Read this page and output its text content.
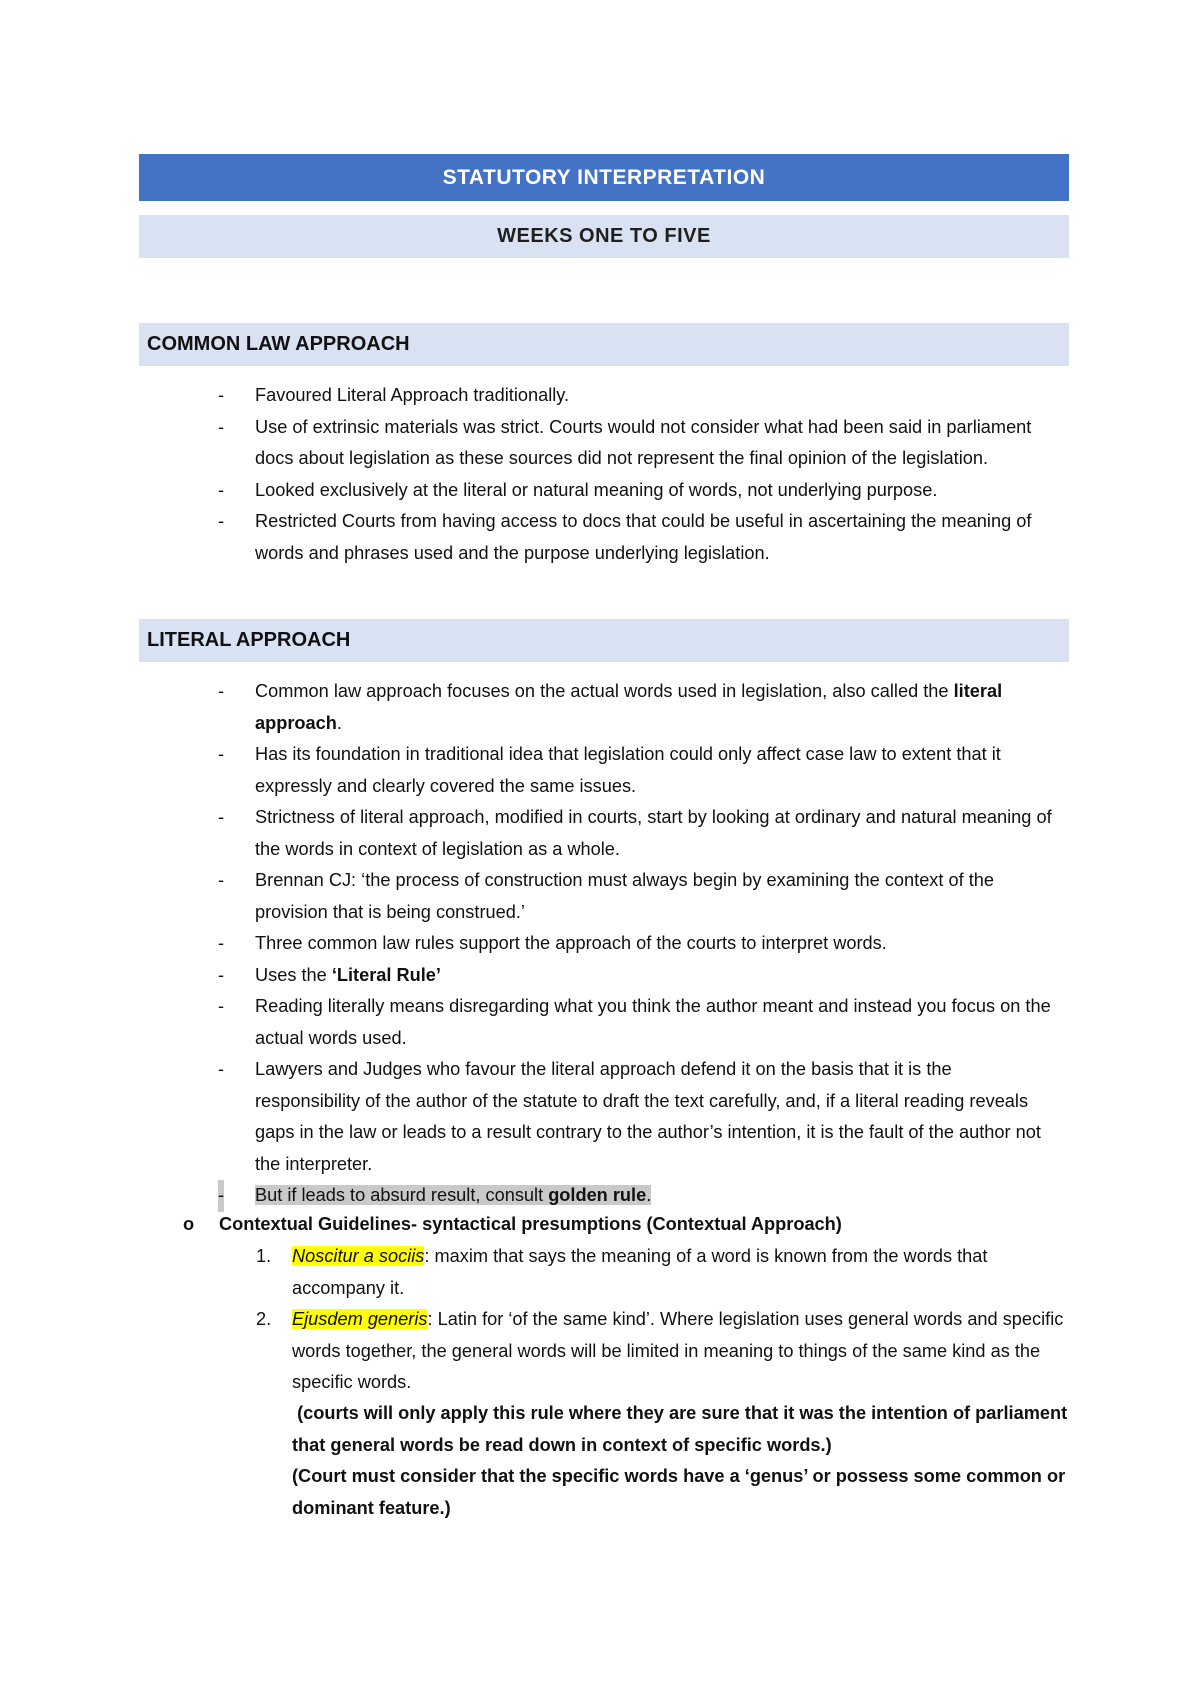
STATUTORY INTERPRETATION
WEEKS ONE TO FIVE
COMMON LAW APPROACH
- Favoured Literal Approach traditionally.
- Use of extrinsic materials was strict. Courts would not consider what had been said in parliament docs about legislation as these sources did not represent the final opinion of the legislation.
- Looked exclusively at the literal or natural meaning of words, not underlying purpose.
- Restricted Courts from having access to docs that could be useful in ascertaining the meaning of words and phrases used and the purpose underlying legislation.
LITERAL APPROACH
- Common law approach focuses on the actual words used in legislation, also called the literal approach.
- Has its foundation in traditional idea that legislation could only affect case law to extent that it expressly and clearly covered the same issues.
- Strictness of literal approach, modified in courts, start by looking at ordinary and natural meaning of the words in context of legislation as a whole.
- Brennan CJ: ‘the process of construction must always begin by examining the context of the provision that is being construed.’
- Three common law rules support the approach of the courts to interpret words.
- Uses the ‘Literal Rule’
- Reading literally means disregarding what you think the author meant and instead you focus on the actual words used.
- Lawyers and Judges who favour the literal approach defend it on the basis that it is the responsibility of the author of the statute to draft the text carefully, and, if a literal reading reveals gaps in the law or leads to a result contrary to the author’s intention, it is the fault of the author not the interpreter.
- But if leads to absurd result, consult golden rule.
o Contextual Guidelines- syntactical presumptions (Contextual Approach)
1. Noscitur a sociis: maxim that says the meaning of a word is known from the words that accompany it.
2. Ejusdem generis: Latin for ‘of the same kind’. Where legislation uses general words and specific words together, the general words will be limited in meaning to things of the same kind as the specific words.
(courts will only apply this rule where they are sure that it was the intention of parliament that general words be read down in context of specific words.)
(Court must consider that the specific words have a ‘genus’ or possess some common or dominant feature.)
